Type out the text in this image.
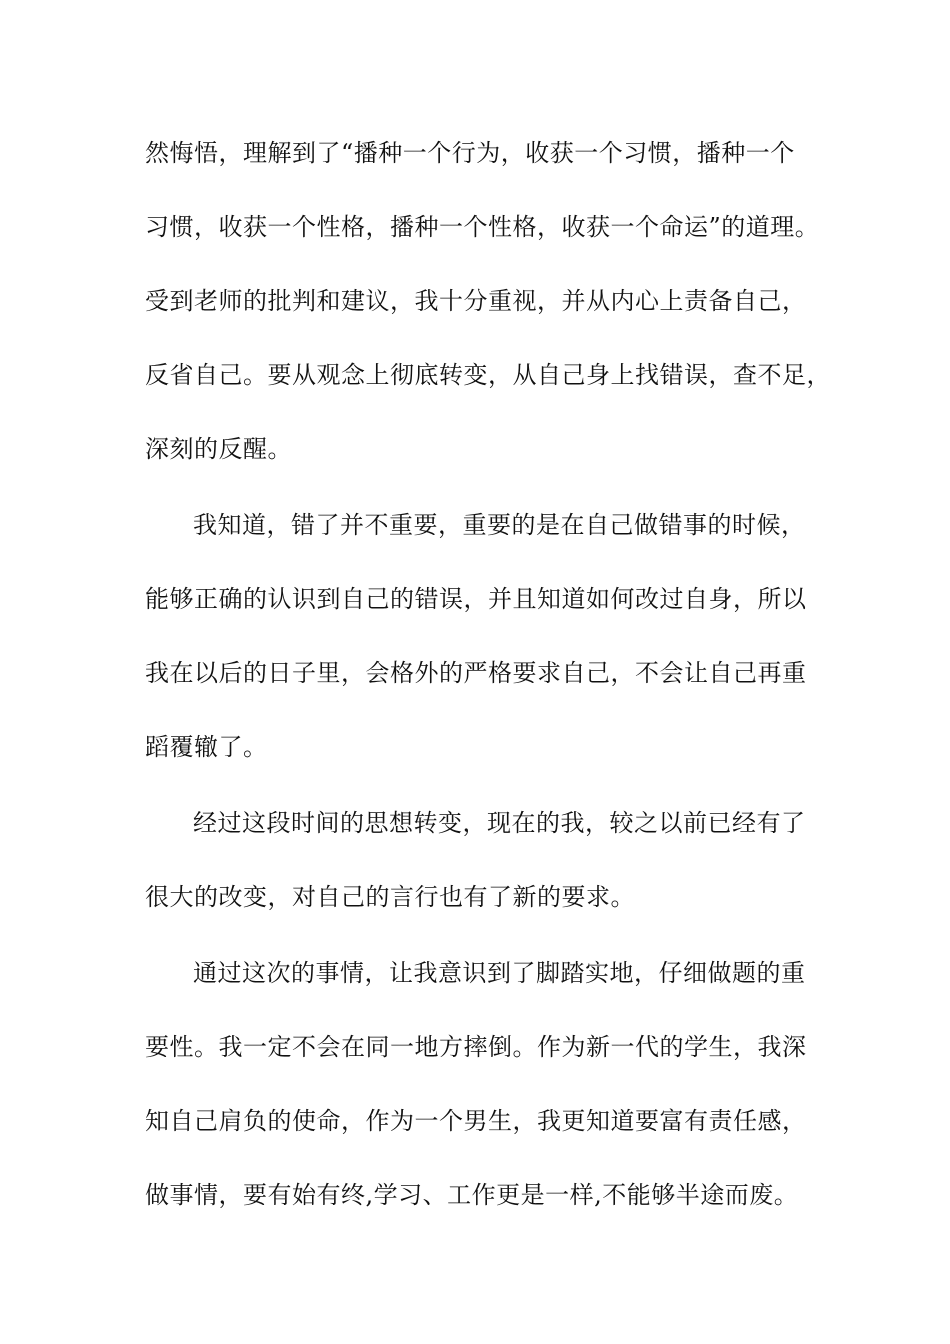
然悔悟，理解到了“播种一个行为，收获一个习惯，播种一个
习惯，收获一个性格，播种一个性格，收获一个命运”的道理。
受到老师的批判和建议，我十分重视，并从内心上责备自己，
反省自己。要从观念上彻底转变，从自己身上找错误，查不足，
深刻的反醒。
我知道，错了并不重要，重要的是在自己做错事的时候，
能够正确的认识到自己的错误，并且知道如何改过自身，所以
我在以后的日子里，会格外的严格要求自己，不会让自己再重
蹈覆辙了。
经过这段时间的思想转变，现在的我，较之以前已经有了
很大的改变，对自己的言行也有了新的要求。
通过这次的事情，让我意识到了脚踏实地，仔细做题的重
要性。我一定不会在同一地方摔倒。作为新一代的学生，我深
知自己肩负的使命，作为一个男生，我更知道要富有责任感，
做事情，要有始有终,学习、工作更是一样,不能够半途而废。
